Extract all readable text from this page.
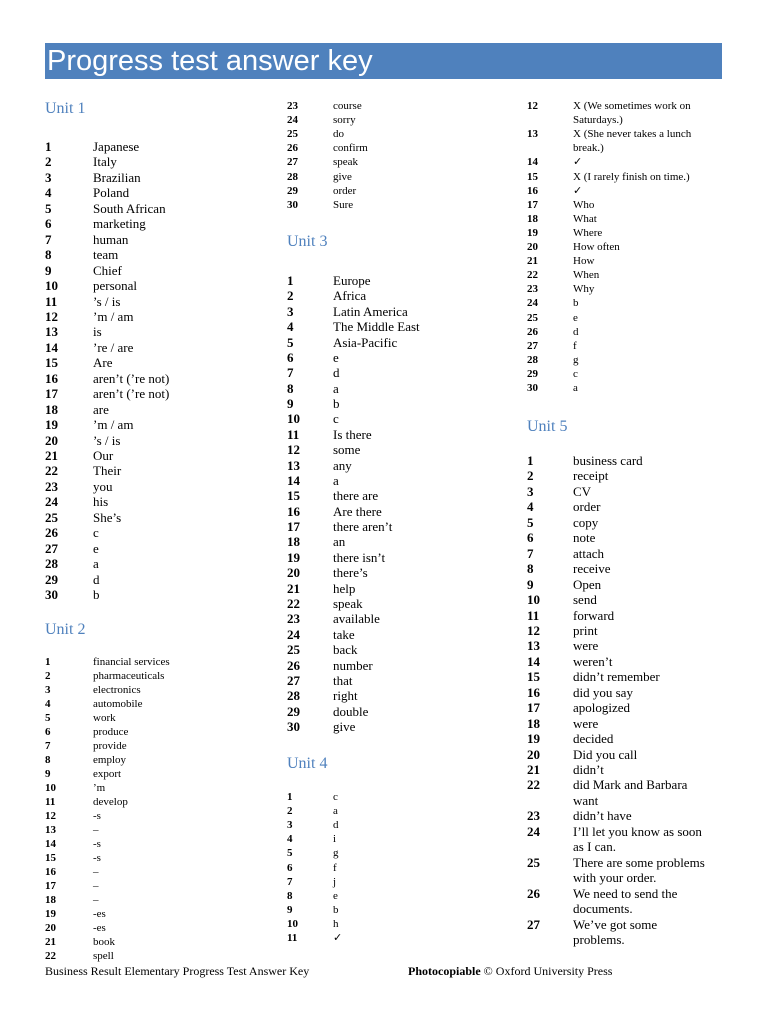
Progress test answer key
Unit 1
1	Japanese
2	Italy
3	Brazilian
4	Poland
5	South African
6	marketing
7	human
8	team
9	Chief
10	personal
11	’s / is
12	’m / am
13	is
14	’re / are
15	Are
16	aren’t (’re not)
17	aren’t (’re not)
18	are
19	’m / am
20	’s / is
21	Our
22	Their
23	you
24	his
25	She’s
26	c
27	e
28	a
29	d
30	b
Unit 2
1	financial services
2	pharmaceuticals
3	electronics
4	automobile
5	work
6	produce
7	provide
8	employ
9	export
10	’m
11	develop
12	-s
13	–
14	-s
15	-s
16	–
17	–
18	–
19	-es
20	-es
21	book
22	spell
23	course
24	sorry
25	do
26	confirm
27	speak
28	give
29	order
30	Sure
Unit 3
1	Europe
2	Africa
3	Latin America
4	The Middle East
5	Asia-Pacific
6	e
7	d
8	a
9	b
10	c
11	Is there
12	some
13	any
14	a
15	there are
16	Are there
17	there aren’t
18	an
19	there isn’t
20	there’s
21	help
22	speak
23	available
24	take
25	back
26	number
27	that
28	right
29	double
30	give
Unit 4
1	c
2	a
3	d
4	i
5	g
6	f
7	j
8	e
9	b
10	h
11	✓
12	X (We sometimes work on
Saturdays.)
13	X (She never takes a lunch
break.)
14	✓
15	X (I rarely finish on time.)
16	✓
17	Who
18	What
19	Where
20	How often
21	How
22	When
23	Why
24	b
25	e
26	d
27	f
28	g
29	c
30	a
Unit 5
1	business card
2	receipt
3	CV
4	order
5	copy
6	note
7	attach
8	receive
9	Open
10	send
11	forward
12	print
13	were
14	weren’t
15	didn’t remember
16	did you say
17	apologized
18	were
19	decided
20	Did you call
21	didn’t
22	did Mark and Barbara
want
23	didn’t have
24	I’ll let you know as soon
as I can.
25	There are some problems
with your order.
26	We need to send the
documents.
27	We’ve got some
problems.
Business Result Elementary Progress Test Answer Key	Photocopiable © Oxford University Press
